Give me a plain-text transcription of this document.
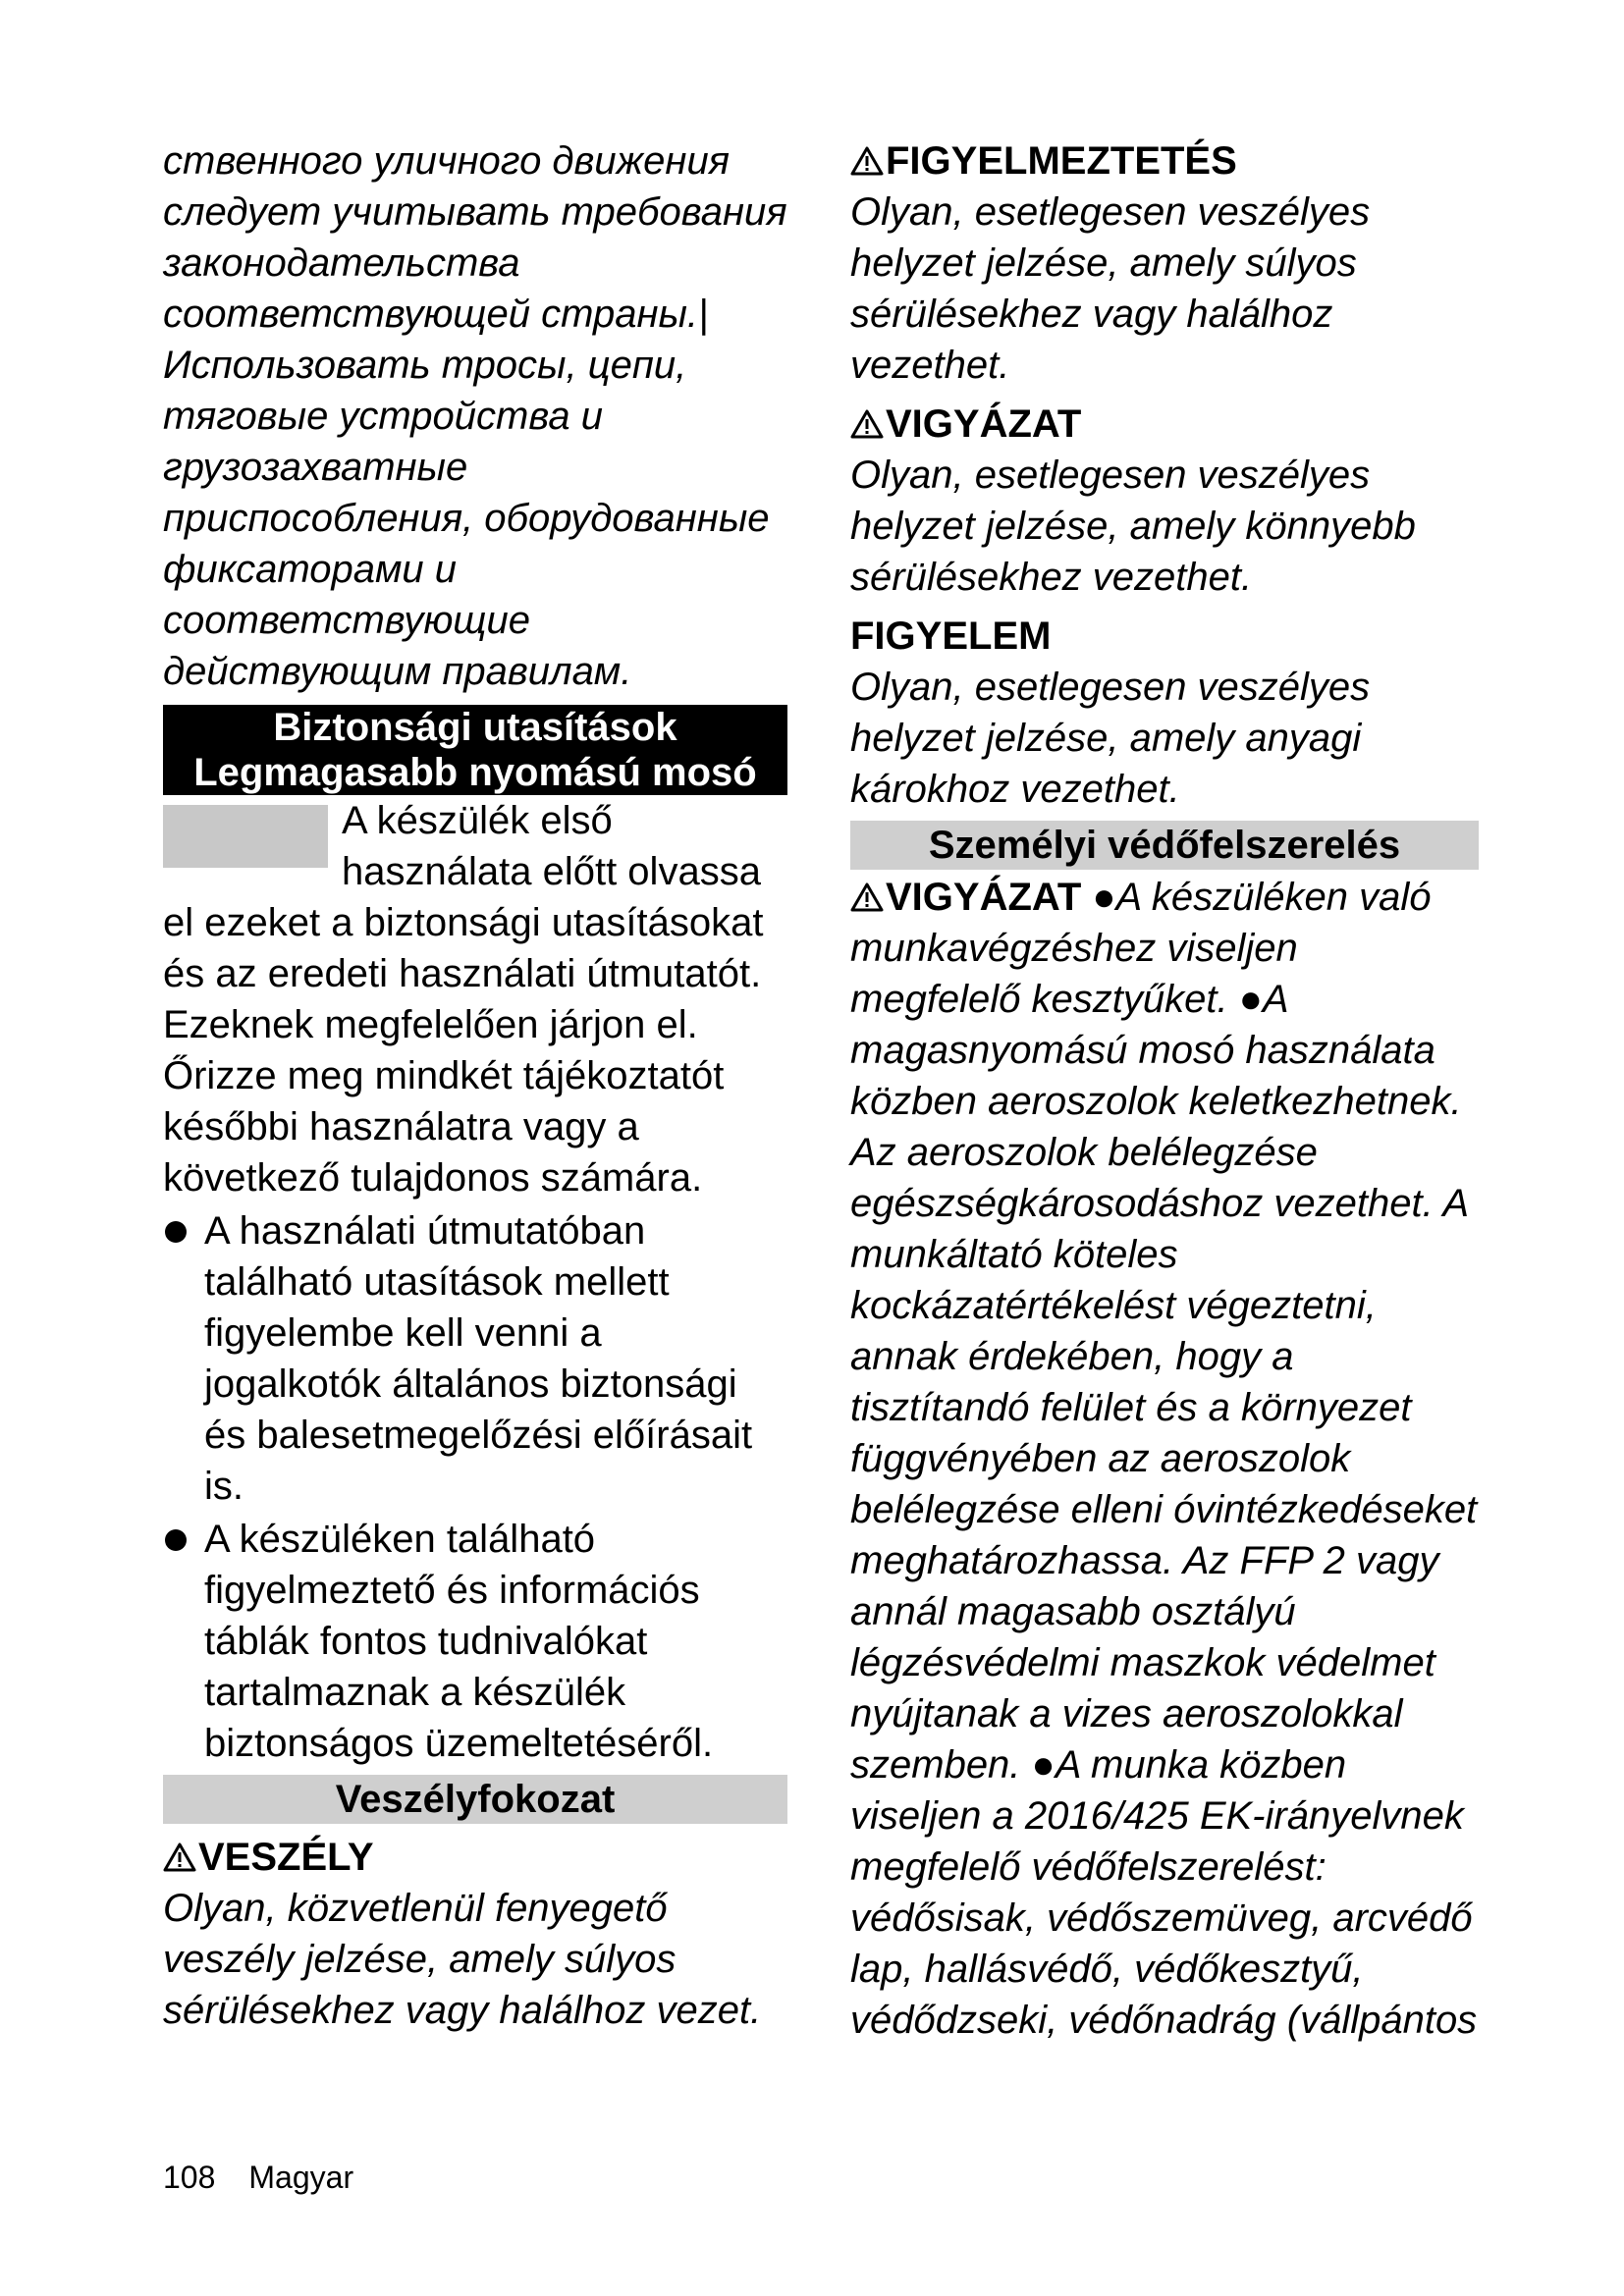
ственного уличного движения следует учитывать требования законодательства соответствующей страны.| Использовать тросы, цепи, тяговые устройства и грузозахватные приспособления, оборудованные фиксаторами и соответствующие действующим правилам.

Biztonsági utasítások
Legmagasabb nyomású mosó

A készülék első használata előtt olvassa el ezeket a biztonsági utasításokat és az eredeti használati útmutatót. Ezeknek megfelelően járjon el. Őrizze meg mindkét tájékoztatót későbbi használatra vagy a következő tulajdonos számára.

A használati útmutatóban található utasítások mellett figyelembe kell venni a jogalkotók általános biztonsági és balesetmegelőzési előírásait is.
A készüléken található figyelmeztető és információs táblák fontos tudnivalókat tartalmaznak a készülék biztonságos üzemeltetéséről.
Veszélyfokozat
VESZÉLY

Olyan, közvetlenül fenyegető veszély jelzése, amely súlyos sérülésekhez vagy halálhoz vezet.

FIGYELMEZTETÉS

Olyan, esetlegesen veszélyes helyzet jelzése, amely súlyos sérülésekhez vagy halálhoz vezethet.

VIGYÁZAT

Olyan, esetlegesen veszélyes helyzet jelzése, amely könnyebb sérülésekhez vezethet.

FIGYELEM

Olyan, esetlegesen veszélyes helyzet jelzése, amely anyagi károkhoz vezethet.

Személyi védőfelszerelés

VIGYÁZAT ●A készüléken való munkavégzéshez viseljen megfelelő kesztyűket. ●A magasnyomású mosó használata közben aeroszolok keletkezhetnek. Az aeroszolok belélegzése egészségkárosodáshoz vezethet. A munkáltató köteles kockázatértékelést végeztetni, annak érdekében, hogy a tisztítandó felület és a környezet függvényében az aeroszolok belélegzése elleni óvintézkedéseket meghatározhassa. Az FFP 2 vagy annál magasabb osztályú légzésvédelmi maszkok védelmet nyújtanak a vizes aeroszolokkal szemben. ●A munka közben viseljen a 2016/425 EK-irányelvnek megfelelő védőfelszerelést: védősisak, védőszemüveg, arcvédő lap, hallásvédő, védőkesztyű, védődzseki, védőnadrág (vállpántos

108 Magyar
